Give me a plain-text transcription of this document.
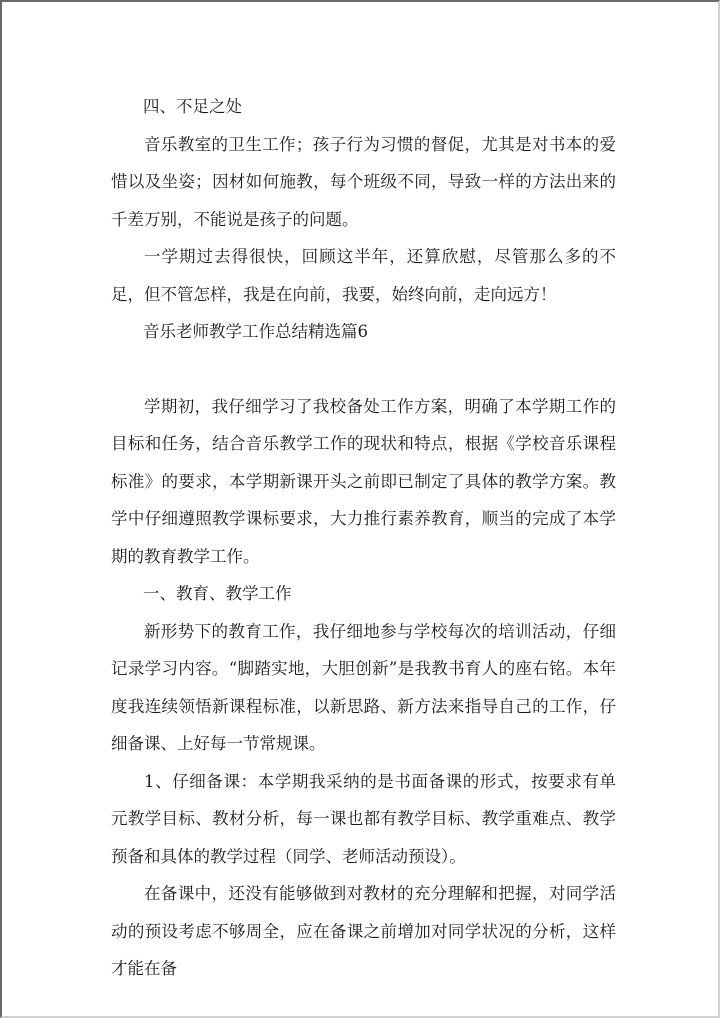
四、不足之处

音乐教室的卫生工作；孩子行为习惯的督促，尤其是对书本的爱惜以及坐姿；因材如何施教，每个班级不同，导致一样的方法出来的千差万别，不能说是孩子的问题。

一学期过去得很快，回顾这半年，还算欣慰，尽管那么多的不足，但不管怎样，我是在向前，我要，始终向前，走向远方！

音乐老师教学工作总结精选篇6

学期初，我仔细学习了我校备处工作方案，明确了本学期工作的目标和任务，结合音乐教学工作的现状和特点，根据《学校音乐课程标准》的要求，本学期新课开头之前即已制定了具体的教学方案。教学中仔细遵照教学课标要求，大力推行素养教育，顺当的完成了本学期的教育教学工作。

一、教育、教学工作

新形势下的教育工作，我仔细地参与学校每次的培训活动，仔细记录学习内容。“脚踏实地，大胆创新”是我教书育人的座右铭。本年度我连续领悟新课程标准，以新思路、新方法来指导自己的工作，仔细备课、上好每一节常规课。

1、仔细备课：本学期我采纳的是书面备课的形式，按要求有单元教学目标、教材分析，每一课也都有教学目标、教学重难点、教学预备和具体的教学过程（同学、老师活动预设）。

在备课中，还没有能够做到对教材的充分理解和把握，对同学活动的预设考虑不够周全，应在备课之前增加对同学状况的分析，这样才能在备
